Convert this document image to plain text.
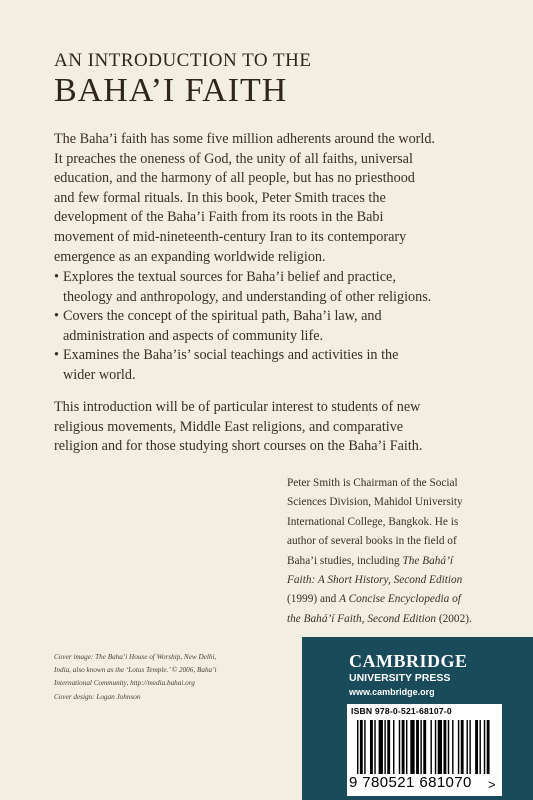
AN INTRODUCTION TO THE
BAHA’I FAITH
The Baha’i faith has some five million adherents around the world.
It preaches the oneness of God, the unity of all faiths, universal
education, and the harmony of all people, but has no priesthood
and few formal rituals. In this book, Peter Smith traces the
development of the Baha’i Faith from its roots in the Babi
movement of mid-nineteenth-century Iran to its contemporary
emergence as an expanding worldwide religion.
• Explores the textual sources for Baha’i belief and practice,
theology and anthropology, and understanding of other religions.
• Covers the concept of the spiritual path, Baha’i law, and
administration and aspects of community life.
• Examines the Baha’is’ social teachings and activities in the
wider world.
This introduction will be of particular interest to students of new
religious movements, Middle East religions, and comparative
religion and for those studying short courses on the Baha’i Faith.
Peter Smith is Chairman of the Social
Sciences Division, Mahidol University
International College, Bangkok. He is
author of several books in the field of
Baha’i studies, including The Bahá’í
Faith: A Short History, Second Edition
(1999) and A Concise Encyclopedia of
the Bahá’í Faith, Second Edition (2002).
Cover image: The Baha’i House of Worship, New Delhi,
India, also known as the ‘Lotus Temple.’ © 2006, Baha’i
International Community, http://media.bahai.org
Cover design: Logan Johnson
CAMBRIDGE
UNIVERSITY PRESS
www.cambridge.org
ISBN 978-0-521-68107-0
9 780521 681070 >
